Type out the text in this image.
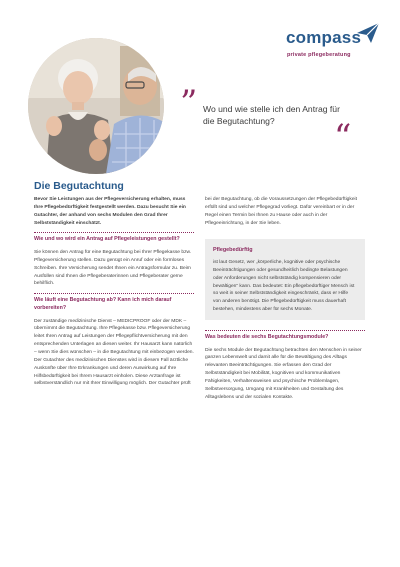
compass
private pflegeberatung
” Wo und wie stelle ich den Antrag für die Begutachtung?	“
Die Begutachtung

Bevor Sie Leistungen aus der Pflegeversicherung erhalten, muss Ihre Pflegebedürftigkeit festgestellt werden. Dazu besucht Sie ein Gutachter, der anhand von sechs Modulen den Grad Ihrer Selbstständigkeit einschätzt.

Wie und wo wird ein Antrag auf Pflegeleistungen gestellt?

Sie können den Antrag für eine Begutachtung bei Ihrer Pflegekasse bzw. Pflegeversicherung stellen. Dazu genügt ein Anruf oder ein formloses Schreiben. Ihre Versicherung sendet Ihnen ein Antragsformular zu. Beim Ausfüllen sind Ihnen die Pflegeberaterinnen und Pflegeberater gerne behilflich.

Wie läuft eine Begutachtung ab? Kann ich mich darauf vorbereiten?

Der zuständige medizinische Dienst – MEDICPROOF oder der MDK – übernimmt die Begutachtung. Ihre Pflegekasse bzw. Pflegeversicherung leitet Ihren Antrag auf Leistungen der Pflegepflichtversicherung mit den entsprechenden Unterlagen an diesen weiter. Ihr Hausarzt kann natürlich – wenn Sie dies wünschen – in die Begutachtung mit einbezogen werden. Der Gutachter des medizinischen Dienstes wird in diesem Fall ärztliche Auskünfte über Ihre Erkrankungen und deren Auswirkung auf Ihre Hilfsbedürftigkeit bei Ihrem Hausarzt einholen. Diese Arztanfrage ist selbstverständlich nur mit Ihrer Einwilligung möglich. Der Gutachter prüft

bei der Begutachtung, ob die Voraussetzungen der Pflegebedürftigkeit erfüllt sind und welcher Pflegegrad vorliegt. Dafür vereinbart er in der Regel einen Termin bei Ihnen zu Hause oder auch in der Pflegeeinrichtung, in der Sie leben.

Pflegebedürftig

ist laut Gesetz, wer „körperliche, kognitive oder psychische Beeinträchtigungen oder gesundheitlich bedingte Belastungen oder Anforderungen nicht selbstständig kompensieren oder bewältigen“ kann. Das bedeutet: Ein pflegebedürftiger Mensch ist so weit in seiner Selbstständigkeit eingeschränkt, dass er Hilfe von anderen benötigt. Die Pflegebedürftigkeit muss dauerhaft bestehen, mindestens aber für sechs Monate.

Was bedeuten die sechs Begutachtungsmodule?

Die sechs Module der Begutachtung betrachten den Menschen in seiner ganzen Lebenswelt und damit alle für die Bewältigung des Alltags relevanten Beeinträchtigungen. Sie erfassen den Grad der Selbstständigkeit bei Mobilität, kognitiven und kommunikativen Fähigkeiten, Verhaltensweisen und psychische Problemlagen, Selbstversorgung, Umgang mit Krankheiten und Gestaltung des Alltagslebens und der sozialen Kontakte.
